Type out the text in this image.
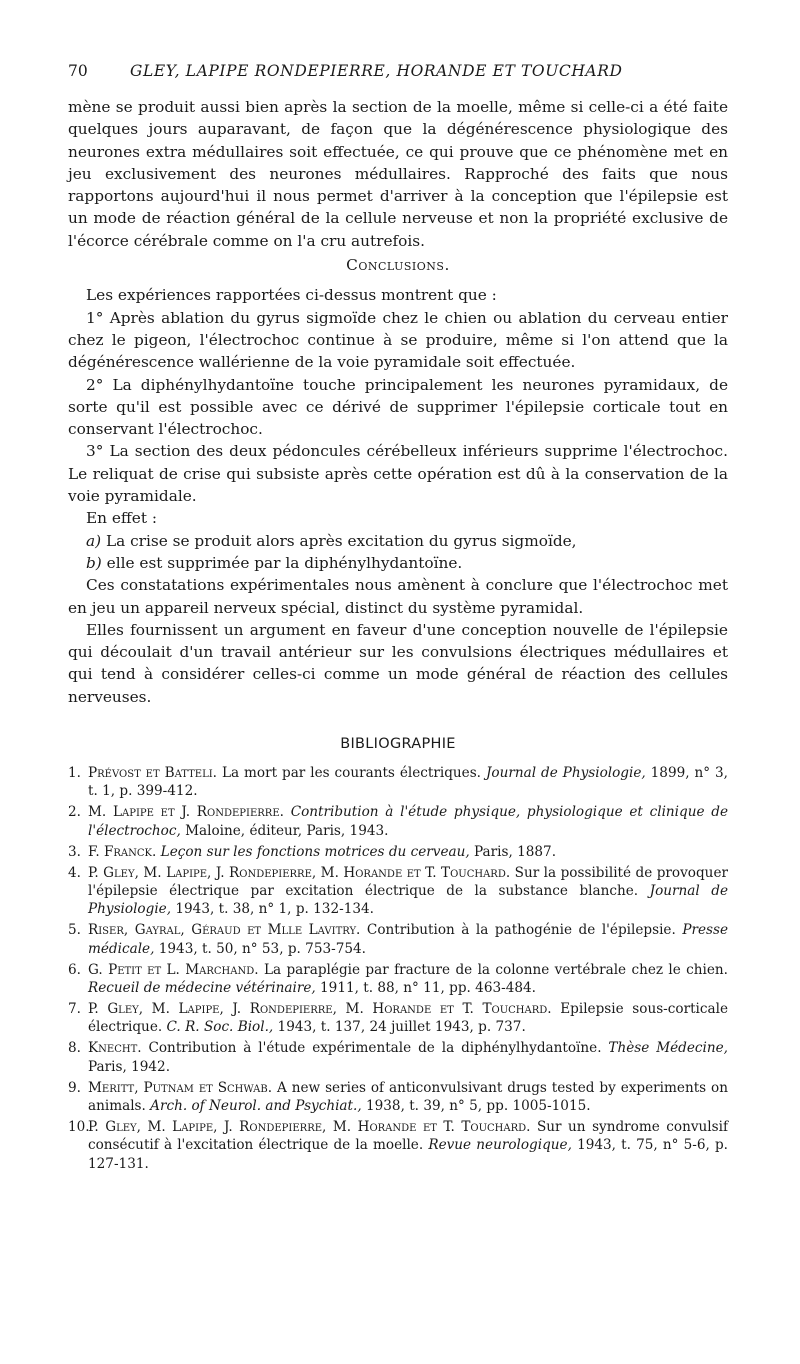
70	GLEY, LAPIPE RONDEPIERRE, HORANDE ET TOUCHARD

mène se produit aussi bien après la section de la moelle, même si celle-ci a été faite quelques jours auparavant, de façon que la dégénérescence physiologique des neurones extra médullaires soit effectuée, ce qui prouve que ce phénomène met en jeu exclusivement des neurones médullaires. Rapproché des faits que nous rapportons aujourd'hui il nous permet d'arriver à la conception que l'épilepsie est un mode de réaction général de la cellule nerveuse et non la propriété exclusive de l'écorce cérébrale comme on l'a cru autrefois.

Conclusions.

Les expériences rapportées ci-dessus montrent que :

1° Après ablation du gyrus sigmoïde chez le chien ou ablation du cerveau entier chez le pigeon, l'électrochoc continue à se produire, même si l'on attend que la dégénérescence wallérienne de la voie pyramidale soit effectuée.

2° La diphénylhydantoïne touche principalement les neurones pyramidaux, de sorte qu'il est possible avec ce dérivé de supprimer l'épilepsie corticale tout en conservant l'électrochoc.

3° La section des deux pédoncules cérébelleux inférieurs supprime l'électrochoc. Le reliquat de crise qui subsiste après cette opération est dû à la conservation de la voie pyramidale.

En effet :

a) La crise se produit alors après excitation du gyrus sigmoïde,

b) elle est supprimée par la diphénylhydantoïne.

Ces constatations expérimentales nous amènent à conclure que l'électrochoc met en jeu un appareil nerveux spécial, distinct du système pyramidal.

Elles fournissent un argument en faveur d'une conception nouvelle de l'épilepsie qui découlait d'un travail antérieur sur les convulsions électriques médullaires et qui tend à considérer celles-ci comme un mode général de réaction des cellules nerveuses.

BIBLIOGRAPHIE

1. Prévost et Batteli. La mort par les courants électriques. Journal de Physiologie, 1899, n° 3, t. 1, p. 399-412.

2. M. Lapipe et J. Rondepierre. Contribution à l'étude physique, physiologique et clinique de l'électrochoc, Maloine, éditeur, Paris, 1943.

3. F. Franck. Leçon sur les fonctions motrices du cerveau, Paris, 1887.

4. P. Gley, M. Lapipe, J. Rondepierre, M. Horande et T. Touchard. Sur la possibilité de provoquer l'épilepsie électrique par excitation électrique de la substance blanche. Journal de Physiologie, 1943, t. 38, n° 1, p. 132-134.

5. Riser, Gayral, Géraud et Mlle Lavitry. Contribution à la pathogénie de l'épilepsie. Presse médicale, 1943, t. 50, n° 53, p. 753-754.

6. G. Petit et L. Marchand. La paraplégie par fracture de la colonne vertébrale chez le chien. Recueil de médecine vétérinaire, 1911, t. 88, n° 11, pp. 463-484.

7. P. Gley, M. Lapipe, J. Rondepierre, M. Horande et T. Touchard. Epilepsie sous-corticale électrique. C. R. Soc. Biol., 1943, t. 137, 24 juillet 1943, p. 737.

8. Knecht. Contribution à l'étude expérimentale de la diphénylhydantoïne. Thèse Médecine, Paris, 1942.

9. Meritt, Putnam et Schwab. A new series of anticonvulsivant drugs tested by experiments on animals. Arch. of Neurol. and Psychiat., 1938, t. 39, n° 5, pp. 1005-1015.

10.P. Gley, M. Lapipe, J. Rondepierre, M. Horande et T. Touchard. Sur un syndrome convulsif consécutif à l'excitation électrique de la moelle. Revue neurologique, 1943, t. 75, n° 5-6, p. 127-131.
